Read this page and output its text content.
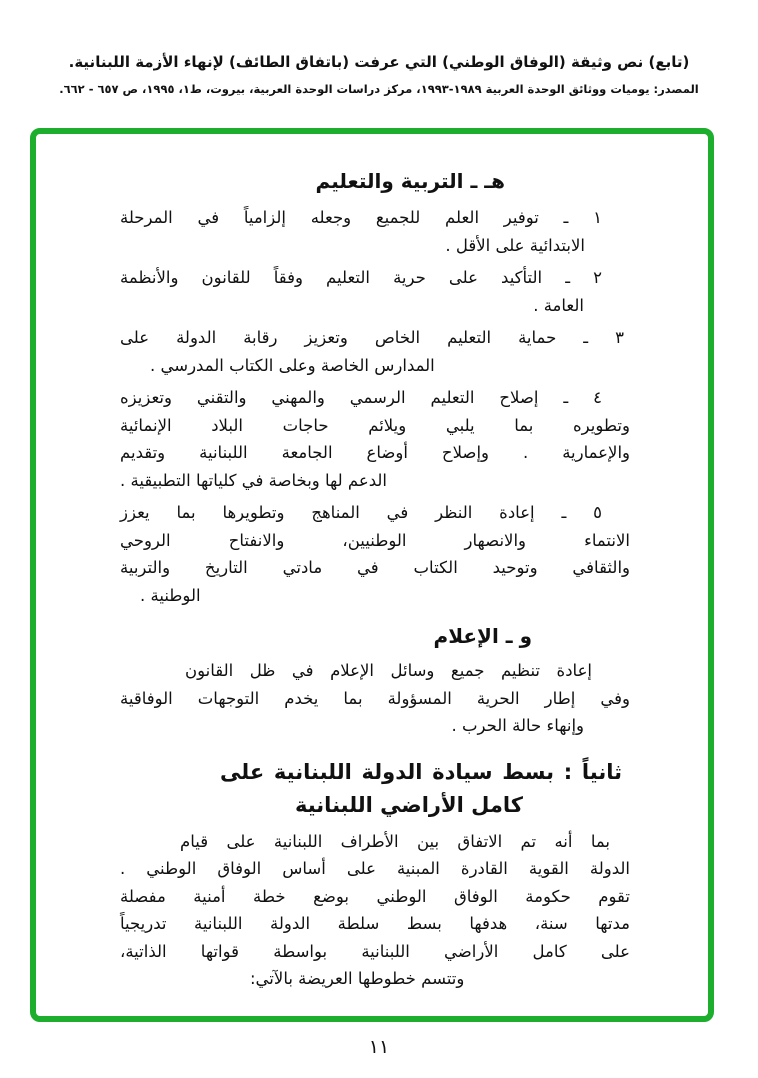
(تابع) نص وثيقة (الوفاق الوطني) التي عرفت (باتفاق الطائف) لإنهاء الأزمة اللبنانية.
المصدر: يوميات ووثائق الوحدة العربية ١٩٨٩-١٩٩٣، مركز دراسات الوحدة العربية، بيروت، ط١، ١٩٩٥، ص ٦٥٧ - ٦٦٢.
هـ ـ التربية والتعليم
١ ـ توفير العلم للجميع وجعله إلزامياً في المرحلة
الابتدائية على الأقل .
٢ ـ التأكيد على حرية التعليم وفقاً للقانون والأنظمة
العامة .
٣ ـ حماية التعليم الخاص وتعزيز رقابة الدولة على
المدارس الخاصة وعلى الكتاب المدرسي .
٤ ـ إصلاح التعليم الرسمي والمهني والتقني وتعزيزه
وتطويره بما يلبي ويلائم حاجات البلاد الإنمائية
والإعمارية . وإصلاح أوضاع الجامعة اللبنانية وتقديم
الدعم لها وبخاصة في كلياتها التطبيقية .
٥ ـ إعادة النظر في المناهج وتطويرها بما يعزز
الانتماء والانصهار الوطنيين، والانفتاح الروحي
والثقافي وتوحيد الكتاب في مادتي التاريخ والتربية
الوطنية .
و ـ الإعلام
إعادة تنظيم جميع وسائل الإعلام في ظل القانون
وفي إطار الحرية المسؤولة بما يخدم التوجهات الوفاقية
وإنهاء حالة الحرب .
ثانياً : بسط سيادة الدولة اللبنانية على
كامل الأراضي اللبنانية
بما أنه تم الاتفاق بين الأطراف اللبنانية على قيام
الدولة القوية القادرة المبنية على أساس الوفاق الوطني .
تقوم حكومة الوفاق الوطني بوضع خطة أمنية مفصلة
مدتها سنة، هدفها بسط سلطة الدولة اللبنانية تدريجياً
على كامل الأراضي اللبنانية بواسطة قواتها الذاتية،
وتتسم خطوطها العريضة بالآتي:
١١
